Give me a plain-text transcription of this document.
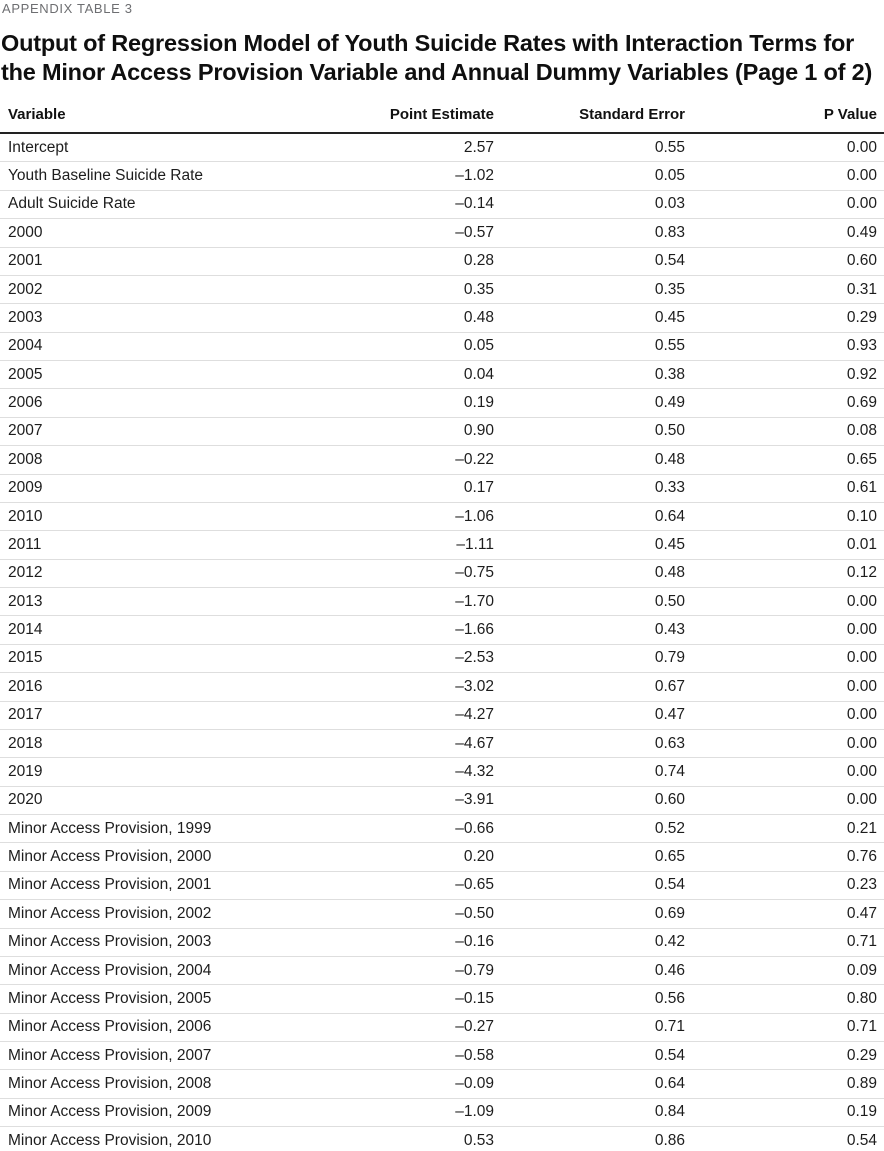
APPENDIX TABLE 3
Output of Regression Model of Youth Suicide Rates with Interaction Terms for
the Minor Access Provision Variable and Annual Dummy Variables (Page 1 of 2)
Variable	Point Estimate	Standard Error	P Value
Intercept	2.57	0.55	0.00
Youth Baseline Suicide Rate	–1.02	0.05	0.00
Adult Suicide Rate	–0.14	0.03	0.00
2000	–0.57	0.83	0.49
2001	0.28	0.54	0.60
2002	0.35	0.35	0.31
2003	0.48	0.45	0.29
2004	0.05	0.55	0.93
2005	0.04	0.38	0.92
2006	0.19	0.49	0.69
2007	0.90	0.50	0.08
2008	–0.22	0.48	0.65
2009	0.17	0.33	0.61
2010	–1.06	0.64	0.10
2011	–1.11	0.45	0.01
2012	–0.75	0.48	0.12
2013	–1.70	0.50	0.00
2014	–1.66	0.43	0.00
2015	–2.53	0.79	0.00
2016	–3.02	0.67	0.00
2017	–4.27	0.47	0.00
2018	–4.67	0.63	0.00
2019	–4.32	0.74	0.00
2020	–3.91	0.60	0.00
Minor Access Provision, 1999	–0.66	0.52	0.21
Minor Access Provision, 2000	0.20	0.65	0.76
Minor Access Provision, 2001	–0.65	0.54	0.23
Minor Access Provision, 2002	–0.50	0.69	0.47
Minor Access Provision, 2003	–0.16	0.42	0.71
Minor Access Provision, 2004	–0.79	0.46	0.09
Minor Access Provision, 2005	–0.15	0.56	0.80
Minor Access Provision, 2006	–0.27	0.71	0.71
Minor Access Provision, 2007	–0.58	0.54	0.29
Minor Access Provision, 2008	–0.09	0.64	0.89
Minor Access Provision, 2009	–1.09	0.84	0.19
Minor Access Provision, 2010	0.53	0.86	0.54
